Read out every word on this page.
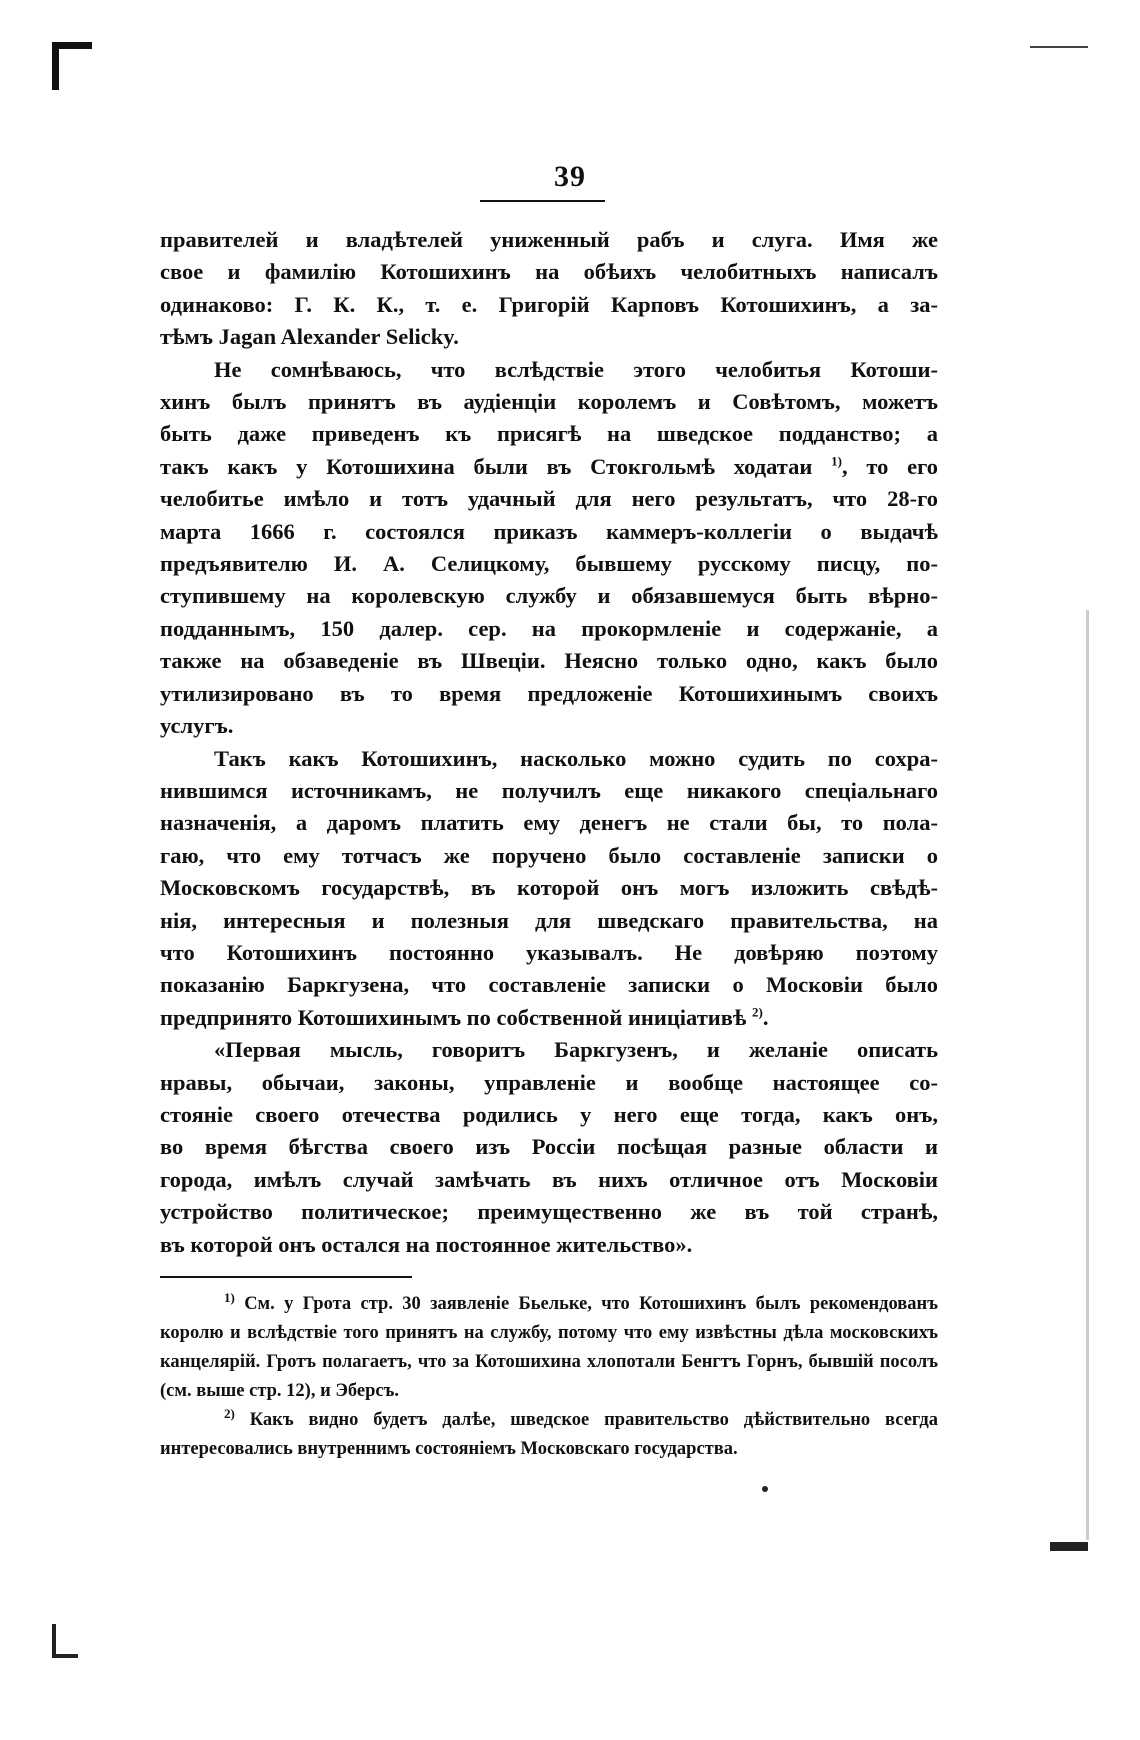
39
правителей и владѣтелей униженный рабъ и слуга. Имя же
свое и фамилію Котошихинъ на обѣихъ челобитныхъ написалъ
одинаково: Г. К. К., т. е. Григорій Карповъ Котошихинъ, а за-
тѣмъ Jagan Alexander Selicky.
Не сомнѣваюсь, что вслѣдствіе этого челобитья Котоши-
хинъ былъ принятъ въ аудіенціи королемъ и Совѣтомъ, можетъ
быть даже приведенъ къ присягѣ на шведское подданство; а
такъ какъ у Котошихина были въ Стокгольмѣ ходатаи $^{1)}$, то его
челобитье имѣло и тотъ удачный для него результатъ, что 28-го
марта 1666 г. состоялся приказъ каммеръ-коллегіи о выдачѣ
предъявителю И. А. Селицкому, бывшему русскому писцу, по-
ступившему на королевскую службу и обязавшемуся быть вѣрно-
подданнымъ, 150 далер. сер. на прокормленіе и содержаніе, а
также на обзаведеніе въ Швеціи. Неясно только одно, какъ было
утилизировано въ то время предложеніе Котошихинымъ своихъ
услугъ.
Такъ какъ Котошихинъ, насколько можно судить по сохра-
нившимся источникамъ, не получилъ еще никакого спеціальнаго
назначенія, а даромъ платить ему денегъ не стали бы, то пола-
гаю, что ему тотчасъ же поручено было составленіе записки о
Московскомъ государствѣ, въ которой онъ могъ изложить свѣдѣ-
нія, интересныя и полезныя для шведскаго правительства, на
что Котошихинъ постоянно указывалъ. Не довѣряю поэтому
показанію Баркгузена, что составленіе записки о Московіи было
предпринято Котошихинымъ по собственной иниціативѣ $^{2)}$.
«Первая мысль, говоритъ Баркгузенъ, и желаніе описать
нравы, обычаи, законы, управленіе и вообще настоящее со-
стояніе своего отечества родились у него еще тогда, какъ онъ,
во время бѣгства своего изъ Россіи посѣщая разные области и
города, имѣлъ случай замѣчать въ нихъ отличное отъ Московіи
устройство политическое; преимущественно же въ той странѣ,
въ которой онъ остался на постоянное жительство».

$^{1)}$ См. у Грота стр. 30 заявленіе Бьельке, что Котошихинъ былъ рекомендованъ королю и вслѣдствіе того принятъ на службу, потому что ему извѣстны дѣла московскихъ канцелярій. Гротъ полагаетъ, что за Котошихина хлопотали Бенгтъ Горнъ, бывшій посолъ (см. выше стр. 12), и Эберсъ.

$^{2)}$ Какъ видно будетъ далѣе, шведское правительство дѣйствительно всегда интересовались внутреннимъ состояніемъ Московскаго государства.
